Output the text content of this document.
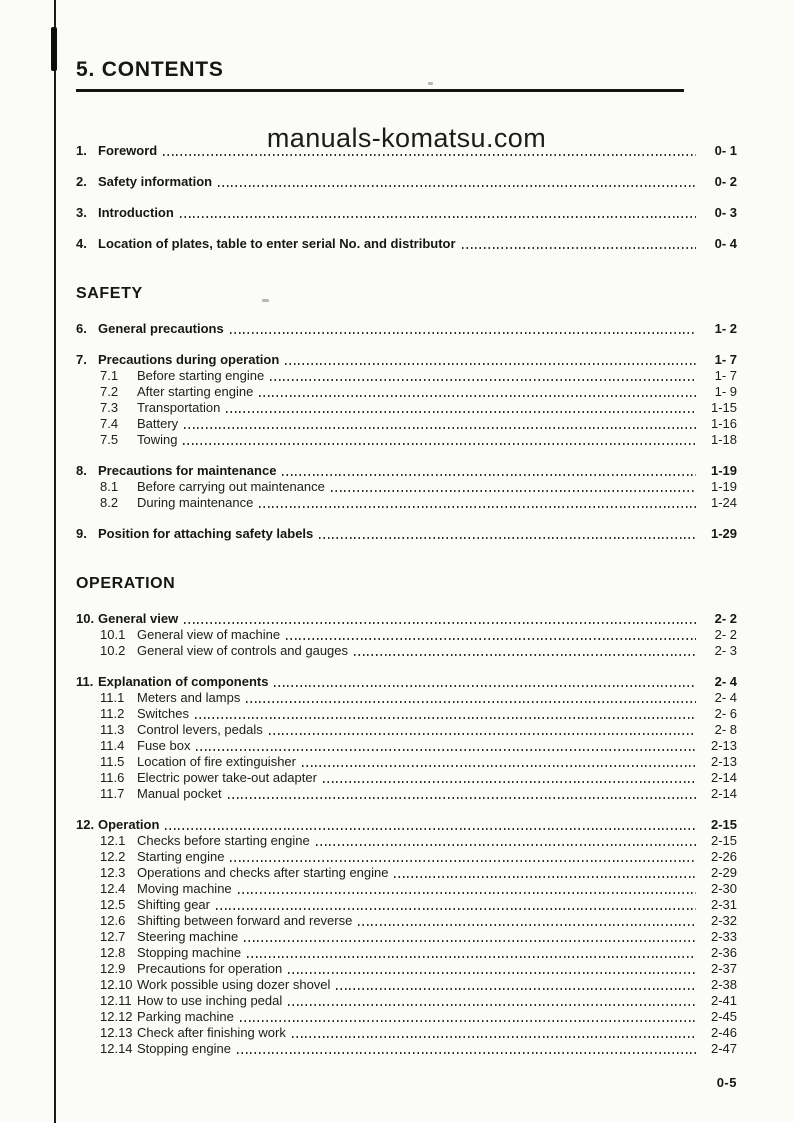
5. CONTENTS
manuals-komatsu.com
1. Foreword	0- 1
2. Safety information	0- 2
3. Introduction	0- 3
4. Location of plates, table to enter serial No. and distributor	0- 4
SAFETY
6. General precautions	1- 2
7. Precautions during operation	1- 7
7.1	Before starting engine	1- 7
7.2	After starting engine	1- 9
7.3	Transportation	1-15
7.4	Battery	1-16
7.5	Towing	1-18
8. Precautions for maintenance	1-19
8.1	Before carrying out maintenance	1-19
8.2	During maintenance	1-24
9. Position for attaching safety labels	1-29
OPERATION
10. General view	2- 2
10.1 General view of machine	2- 2
10.2 General view of controls and gauges	2- 3
11. Explanation of components	2- 4
11.1 Meters and lamps	2- 4
11.2 Switches	2- 6
11.3 Control levers, pedals	2- 8
11.4 Fuse box	2-13
11.5 Location of fire extinguisher	2-13
11.6 Electric power take-out adapter	2-14
11.7 Manual pocket	2-14
12. Operation	2-15
12.1 Checks before starting engine	2-15
12.2 Starting engine	2-26
12.3 Operations and checks after starting engine	2-29
12.4 Moving machine	2-30
12.5 Shifting gear	2-31
12.6 Shifting between forward and reverse	2-32
12.7 Steering machine	2-33
12.8 Stopping machine	2-36
12.9 Precautions for operation	2-37
12.10 Work possible using dozer shovel	2-38
12.11 How to use inching pedal	2-41
12.12 Parking machine	2-45
12.13 Check after finishing work	2-46
12.14 Stopping engine	2-47
0-5
